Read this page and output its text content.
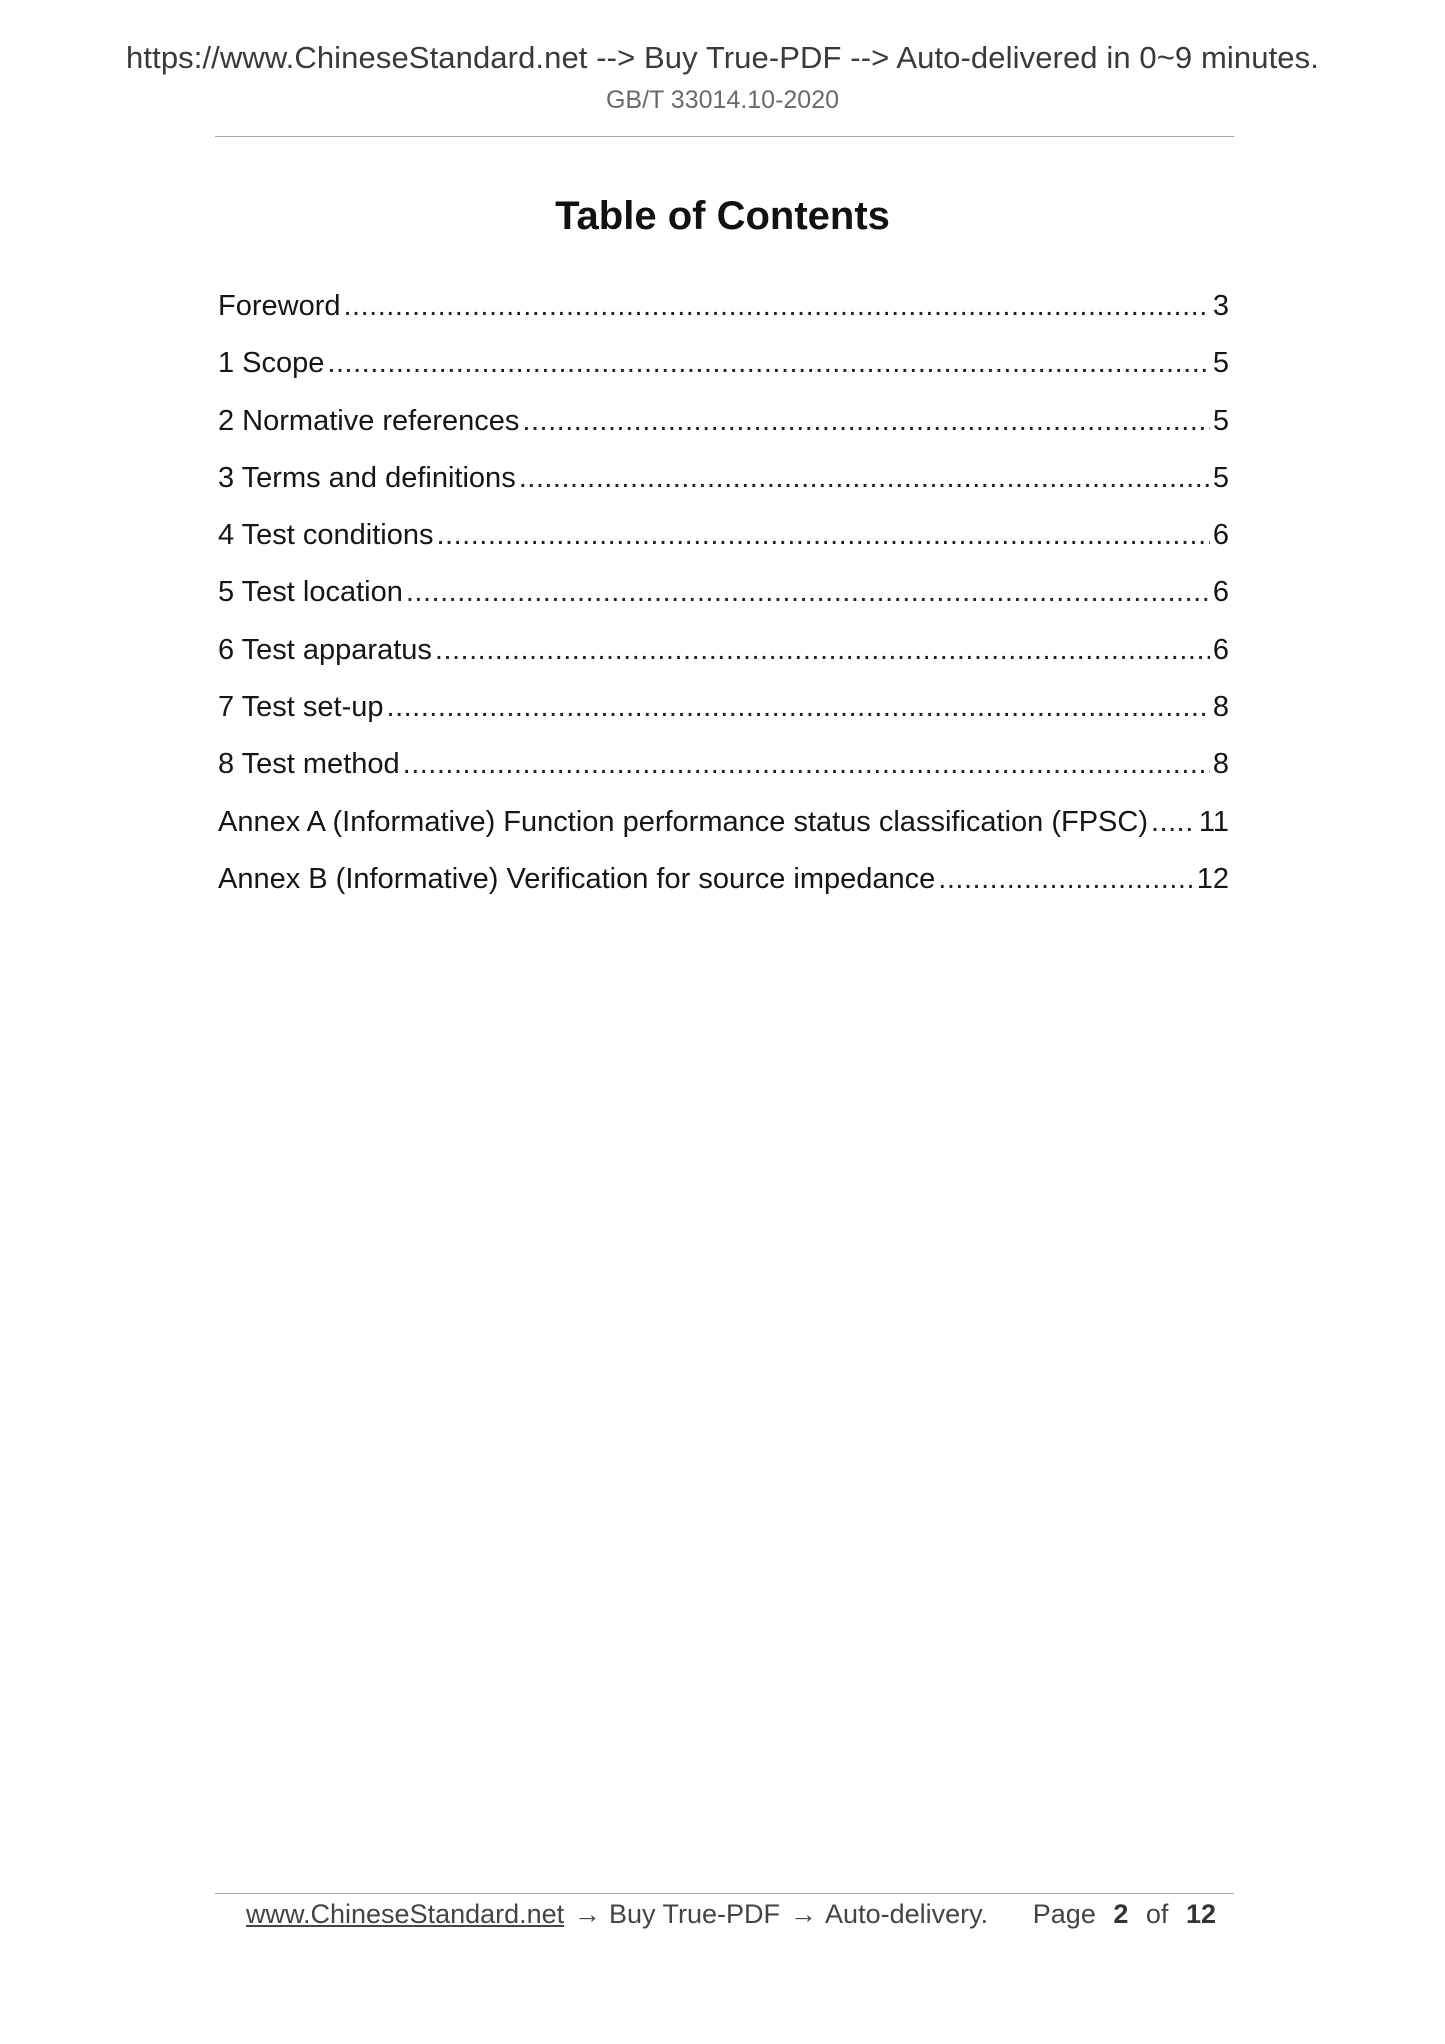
https://www.ChineseStandard.net --> Buy True-PDF --> Auto-delivered in 0~9 minutes.
GB/T 33014.10-2020
Table of Contents
Foreword .....	3
1 Scope .....	5
2 Normative references .....	5
3 Terms and definitions .....	5
4 Test conditions .....	6
5 Test location .....	6
6 Test apparatus .....	6
7 Test set-up .....	8
8 Test method .....	8
Annex A (Informative) Function performance status classification (FPSC) ..... 11
Annex B (Informative) Verification for source impedance .....	12
www.ChineseStandard.net → Buy True-PDF → Auto-delivery. Page 2 of 12
